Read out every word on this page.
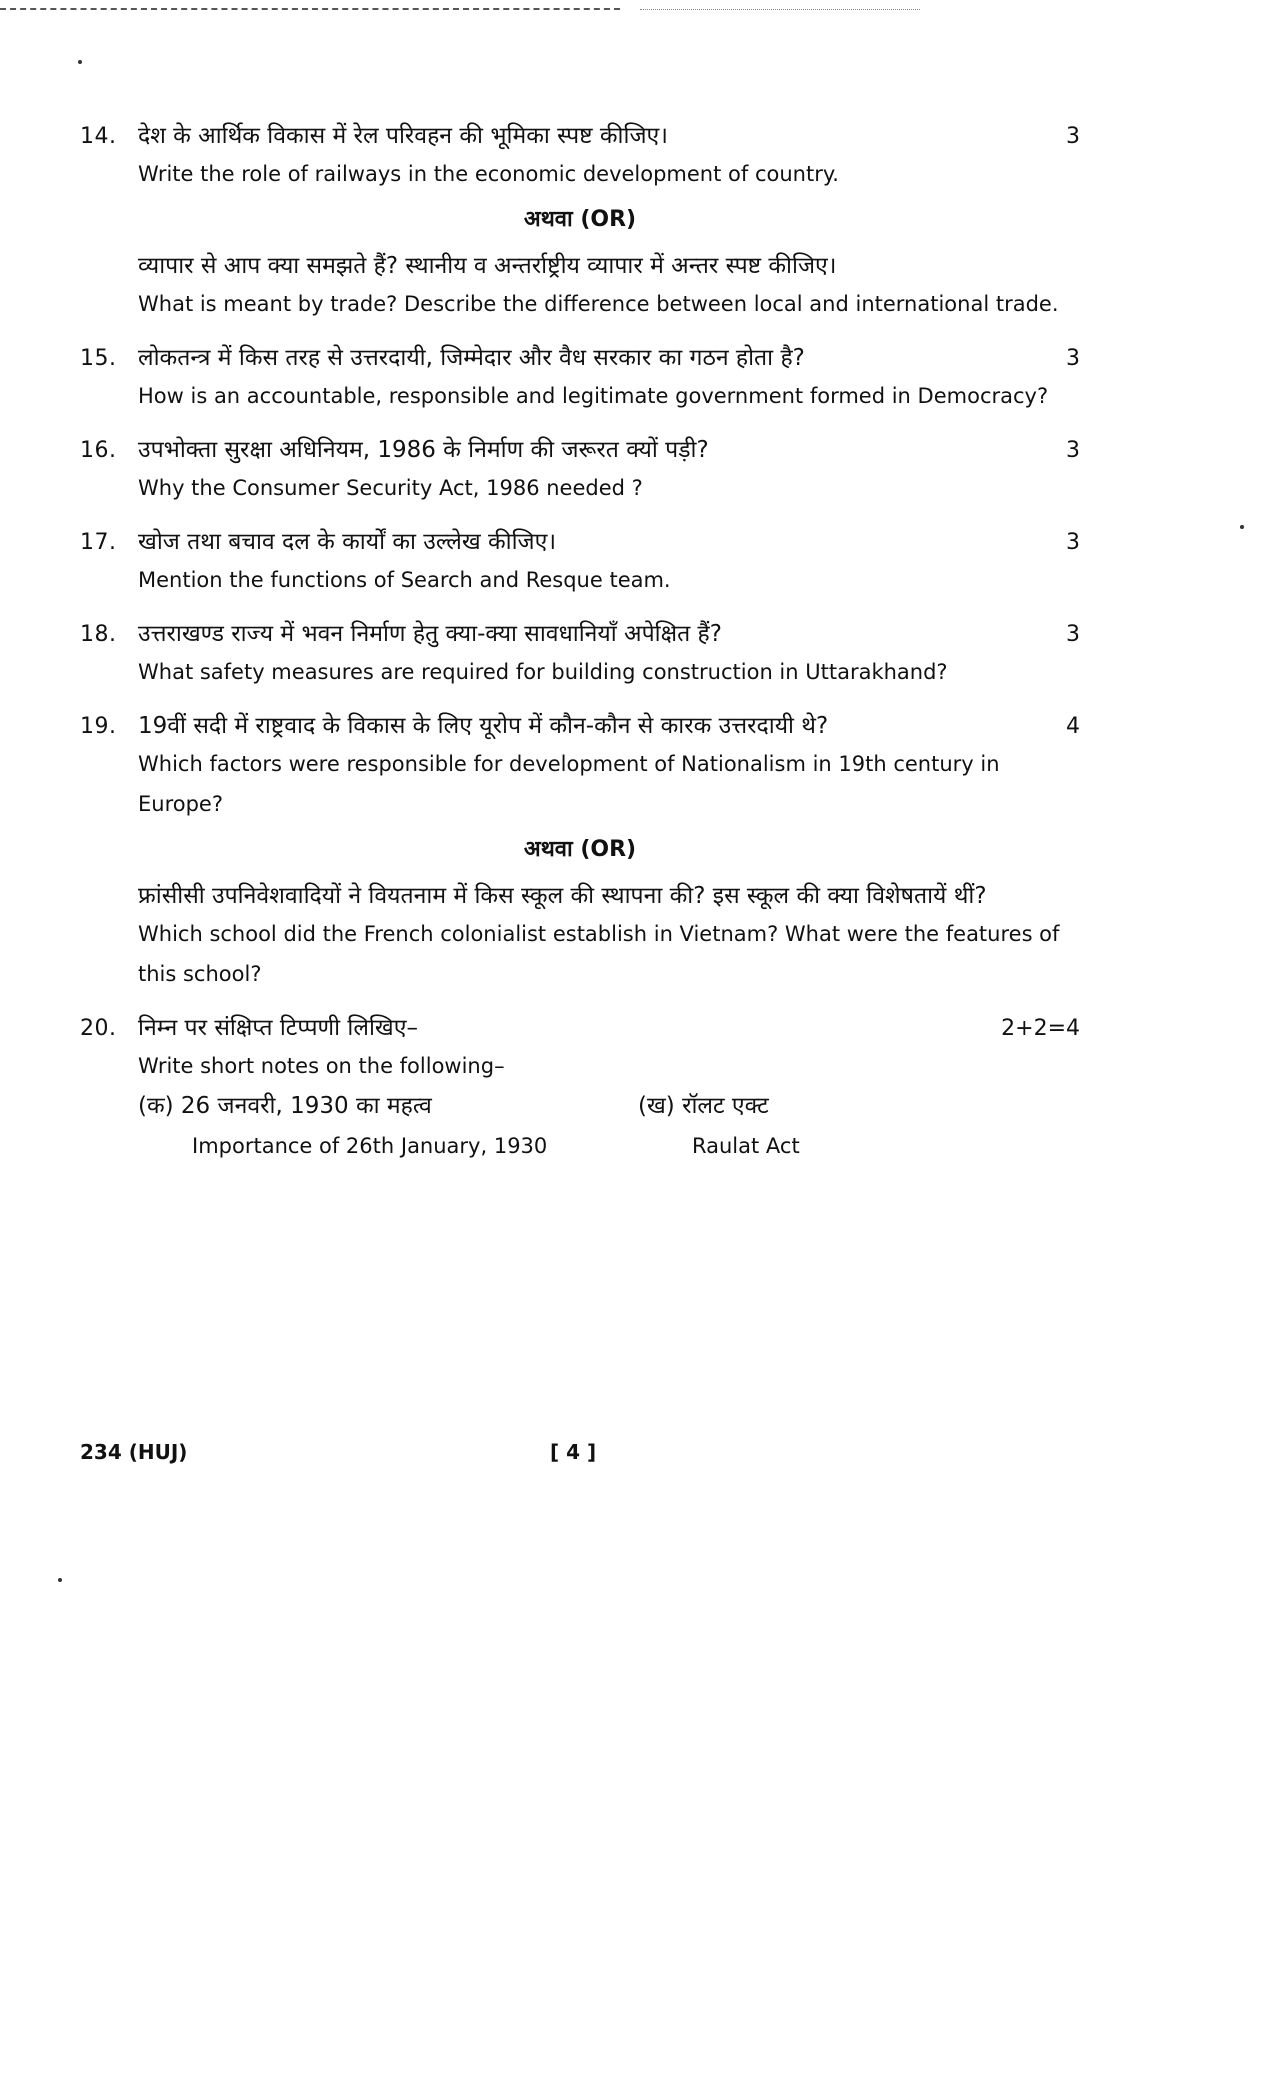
14. देश के आर्थिक विकास में रेल परिवहन की भूमिका स्पष्ट कीजिए।	3
Write the role of railways in the economic development of country.
अथवा (OR)
व्यापार से आप क्या समझते हैं? स्थानीय व अन्तर्राष्ट्रीय व्यापार में अन्तर स्पष्ट कीजिए।
What is meant by trade? Describe the difference between local and international trade.
15. लोकतन्त्र में किस तरह से उत्तरदायी, जिम्मेदार और वैध सरकार का गठन होता है?	3
How is an accountable, responsible and legitimate government formed in Democracy?
16. उपभोक्ता सुरक्षा अधिनियम, 1986 के निर्माण की जरूरत क्यों पड़ी?	3
Why the Consumer Security Act, 1986 needed ?
17. खोज तथा बचाव दल के कार्यों का उल्लेख कीजिए।	3
Mention the functions of Search and Resque team.
18. उत्तराखण्ड राज्य में भवन निर्माण हेतु क्या-क्या सावधानियाँ अपेक्षित हैं?	3
What safety measures are required for building construction in Uttarakhand?
19. 19वीं सदी में राष्ट्रवाद के विकास के लिए यूरोप में कौन-कौन से कारक उत्तरदायी थे?	4
Which factors were responsible for development of Nationalism in 19th century in Europe?
अथवा (OR)
फ्रांसीसी उपनिवेशवादियों ने वियतनाम में किस स्कूल की स्थापना की? इस स्कूल की क्या विशेषतायें थीं?
Which school did the French colonialist establish in Vietnam? What were the features of this school?
20. निम्न पर संक्षिप्त टिप्पणी लिखिए–	2+2=4
Write short notes on the following–
(क) 26 जनवरी, 1930 का महत्व	(ख) रॉलट एक्ट
Importance of 26th January, 1930	Raulat Act
234 (HUJ)	[ 4 ]
